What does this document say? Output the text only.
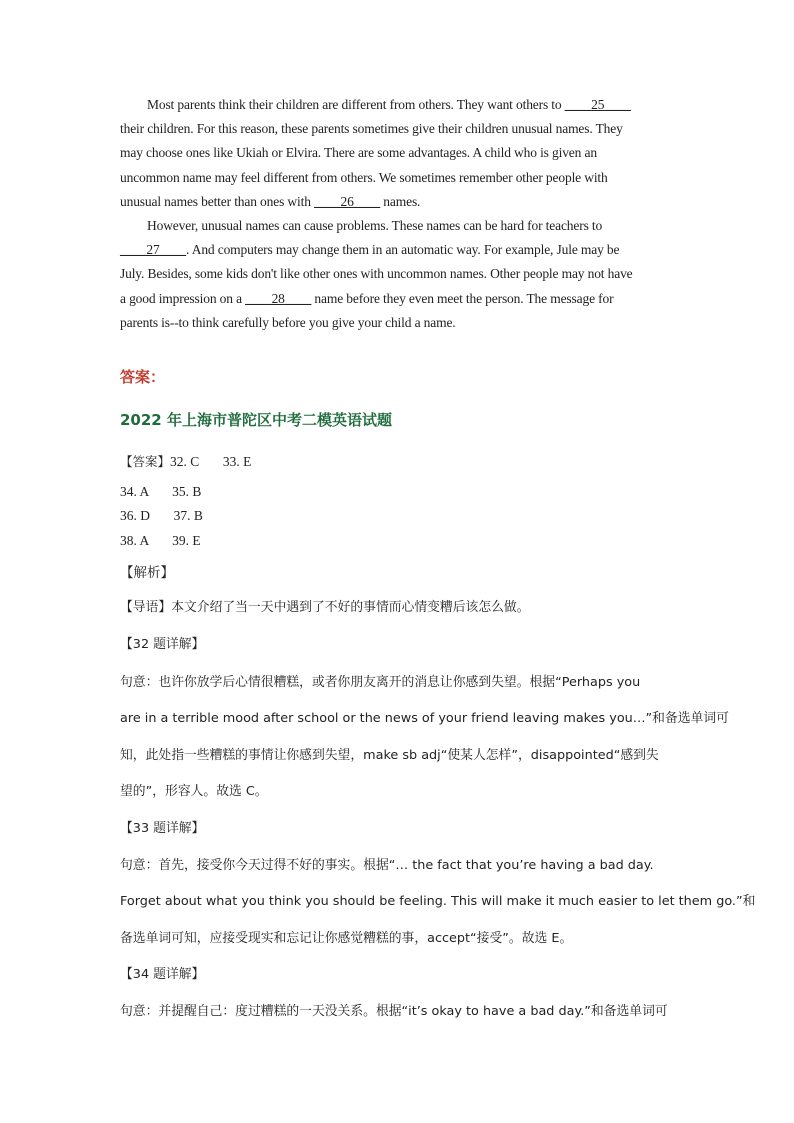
Most parents think their children are different from others. They want others to ____25____
their children. For this reason, these parents sometimes give their children unusual names. They
may choose ones like Ukiah or Elvira. There are some advantages. A child who is given an
uncommon name may feel different from others. We sometimes remember other people with
unusual names better than ones with ____26____ names.

However, unusual names can cause problems. These names can be hard for teachers to
____27____. And computers may change them in an automatic way. For example, Jule may be
July. Besides, some kids don't like other ones with uncommon names. Other people may not have
a good impression on a ____28____ name before they even meet the person. The message for
parents is--to think carefully before you give your child a name.

答案：
2022 年上海市普陀区中考二模英语试题
【答案】32. C 33. E
34. A 35. B
36. D 37. B
38. A 39. E
【解析】
【导语】本文介绍了当一天中遇到了不好的事情而心情变糟后该怎么做。
【32 题详解】
句意：也许你放学后心情很糟糕，或者你朋友离开的消息让你感到失望。根据“Perhaps you
are in a terrible mood after school or the news of your friend leaving makes you…”和备选单词可
知，此处指一些糟糕的事情让你感到失望，make sb adj“使某人怎样”，disappointed“感到失
望的”，形容人。故选 C。
【33 题详解】
句意：首先，接受你今天过得不好的事实。根据“… the fact that you’re having a bad day.
Forget about what you think you should be feeling. This will make it much easier to let them go.”和
备选单词可知，应接受现实和忘记让你感觉糟糕的事，accept“接受”。故选 E。
【34 题详解】
句意：并提醒自己：度过糟糕的一天没关系。根据“it’s okay to have a bad day.”和备选单词可
